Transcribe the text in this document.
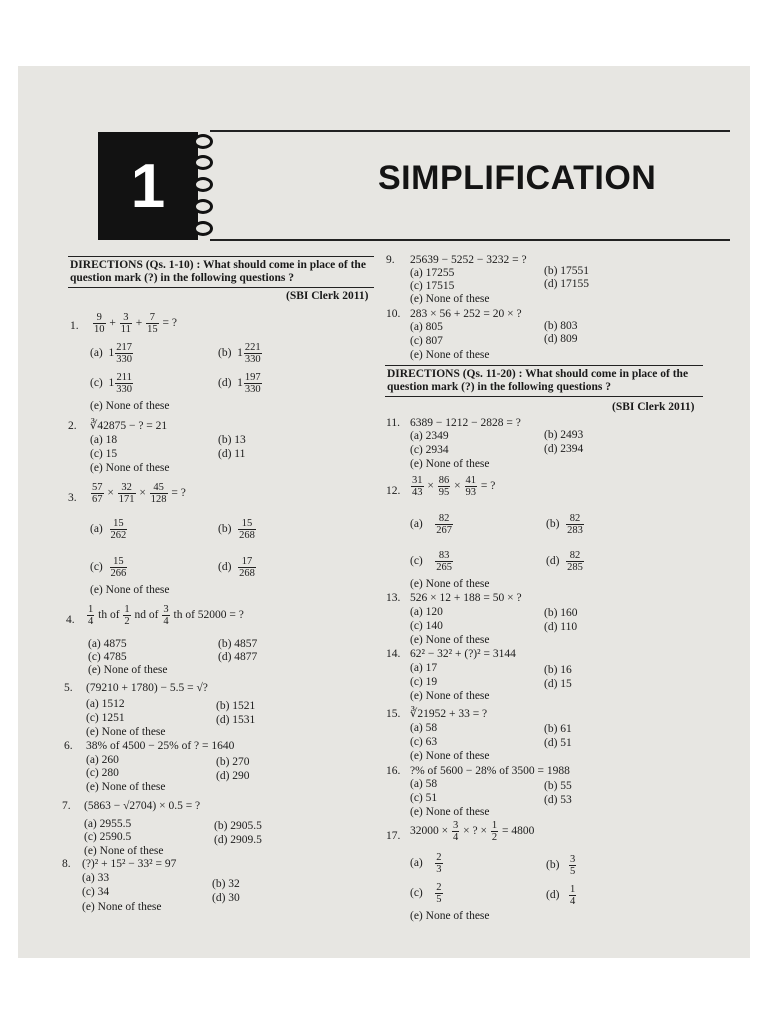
1	SIMPLIFICATION
DIRECTIONS (Qs. 1-10) : What should come in place of the question mark (?) in the following questions ?
(SBI Clerk 2011)
1. $\frac{9}{10} + \frac{3}{11} + \frac{7}{15}$ = ?
(a) $1 \frac{217}{330}$	(b) $1 \frac{221}{330}$
(c) $1 \frac{211}{330}$	(d) $1 \frac{197}{330}$
(e) None of these
2. ∛42875 − ? = 21
(a) 18	(b) 13
(c) 15	(d) 11
(e) None of these
3. $\frac{57}{67} \times \frac{32}{171} \times \frac{45}{128}$ = ?
$(a) \frac{15}{262}$	$(b) \frac{15}{268}$
$(c) \frac{15}{266}$	$(d) \frac{17}{268}$
(e) None of these
4. $\frac{1}{4}$ th of $\frac{1}{2}$ nd of $\frac{3}{4}$ th of 52000 = ?
(a) 4875	(b) 4857
(c) 4785	(d) 4877
(e) None of these
5. (79210 + 1780) − 5.5 = √?
(a) 1512	(b) 1521
(c) 1251	(d) 1531
(e) None of these
6. 38% of 4500 − 25% of ? = 1640
(a) 260	(b) 270
(c) 280	(d) 290
(e) None of these
7. (5863 − √2704) × 0.5 = ?
(a) 2955.5	(b) 2905.5
(c) 2590.5	(d) 2909.5
(e) None of these
8. (?)² + 15² − 33² = 97
(a) 33	(b) 32
(c) 34	(d) 30
(e) None of these
9. 25639 − 5252 − 3232 = ?
(a) 17255	(b) 17551
(c) 17515	(d) 17155
(e) None of these
10. 283 × 56 + 252 = 20 × ?
(a) 805	(b) 803
(c) 807	(d) 809
(e) None of these
DIRECTIONS (Qs. 11-20) : What should come in place of the question mark (?) in the following questions ?
(SBI Clerk 2011)
11. 6389 − 1212 − 2828 = ?
(a) 2349	(b) 2493
(c) 2934	(d) 2394
(e) None of these
12. $\frac{31}{43} \times \frac{86}{95} \times \frac{41}{93}$ = ?
$(a) \frac{82}{267}$	$(b) \frac{82}{283}$
$(c) \frac{83}{265}$	$(d) \frac{82}{285}$
(e) None of these
13. 526 × 12 + 188 = 50 × ?
(a) 120	(b) 160
(c) 140	(d) 110
(e) None of these
14. 62² − 32² + (?)² = 3144
(a) 17	(b) 16
(c) 19	(d) 15
(e) None of these
15. ∛21952 + 33 = ?
(a) 58	(b) 61
(c) 63	(d) 51
(e) None of these
16. ?% of 5600 − 28% of 3500 = 1988
(a) 58	(b) 55
(c) 51	(d) 53
(e) None of these
17. $32000 \times \frac{3}{4}$ × ? × $\frac{1}{2} = 4800$
$(a) \frac{2}{3}$	$(b) \frac{3}{5}$
$(c) \frac{2}{5}$	$(d) \frac{1}{4}$
(e) None of these
